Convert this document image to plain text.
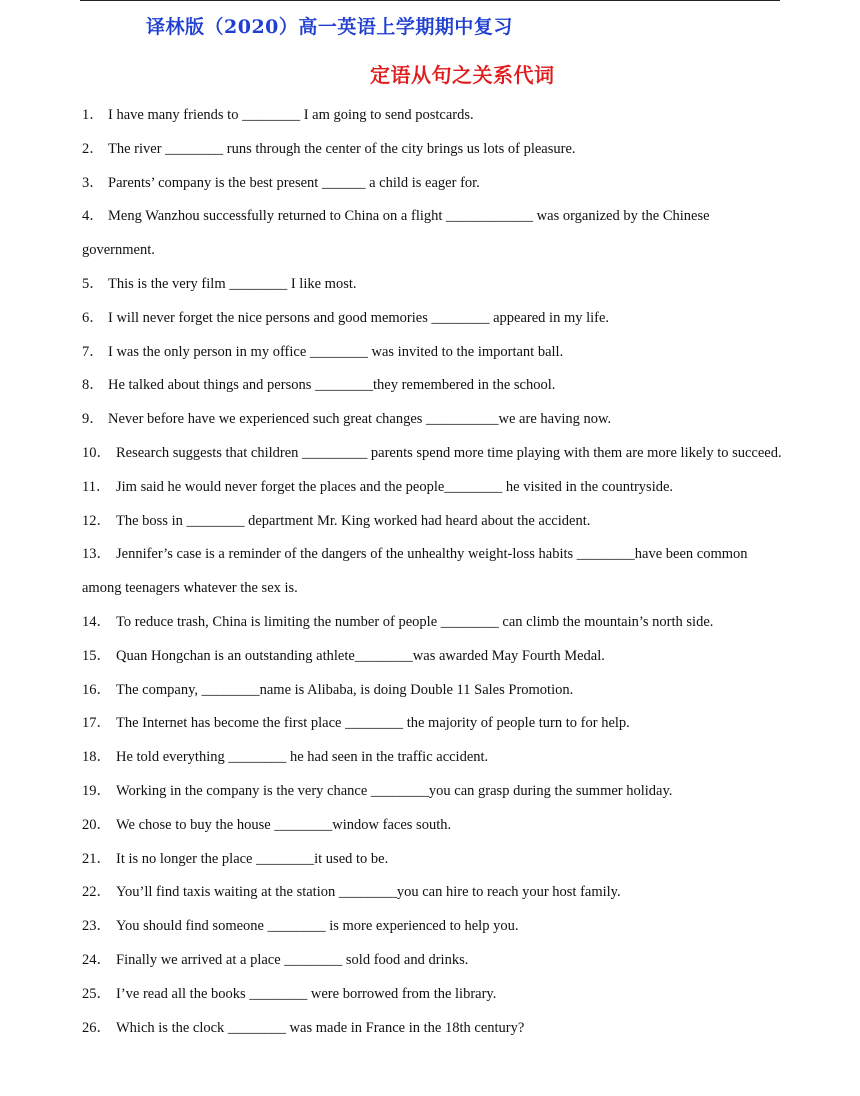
译林版（2020）高一英语上学期期中复习
定语从句之关系代词
1． I have many friends to ________ I am going to send postcards.
2． The river ________ runs through the center of the city brings us lots of pleasure.
3． Parents’ company is the best present ______ a child is eager for.
4． Meng Wanzhou successfully returned to China on a flight ____________ was organized by the Chinese government.
5． This is the very film ________ I like most.
6． I will never forget the nice persons and good memories ________ appeared in my life.
7． I was the only person in my office ________ was invited to the important ball.
8． He talked about things and persons ________they remembered in the school.
9． Never before have we experienced such great changes __________we are having now.
10． Research suggests that children _________ parents spend more time playing with them are more likely to succeed.
11． Jim said he would never forget the places and the people________ he visited in the countryside.
12． The boss in ________ department Mr. King worked had heard about the accident.
13． Jennifer’s case is a reminder of the dangers of the unhealthy weight-loss habits ________have been common among teenagers whatever the sex is.
14． To reduce trash, China is limiting the number of people ________ can climb the mountain’s north side.
15． Quan Hongchan is an outstanding athlete________was awarded May Fourth Medal.
16． The company, ________name is Alibaba, is doing Double 11 Sales Promotion.
17． The Internet has become the first place ________ the majority of people turn to for help.
18． He told everything ________ he had seen in the traffic accident.
19． Working in the company is the very chance ________you can grasp during the summer holiday.
20． We chose to buy the house ________window faces south.
21． It is no longer the place ________it used to be.
22． You’ll find taxis waiting at the station ________you can hire to reach your host family.
23． You should find someone ________ is more experienced to help you.
24． Finally we arrived at a place ________ sold food and drinks.
25． I’ve read all the books ________ were borrowed from the library.
26． Which is the clock ________ was made in France in the 18th century?
